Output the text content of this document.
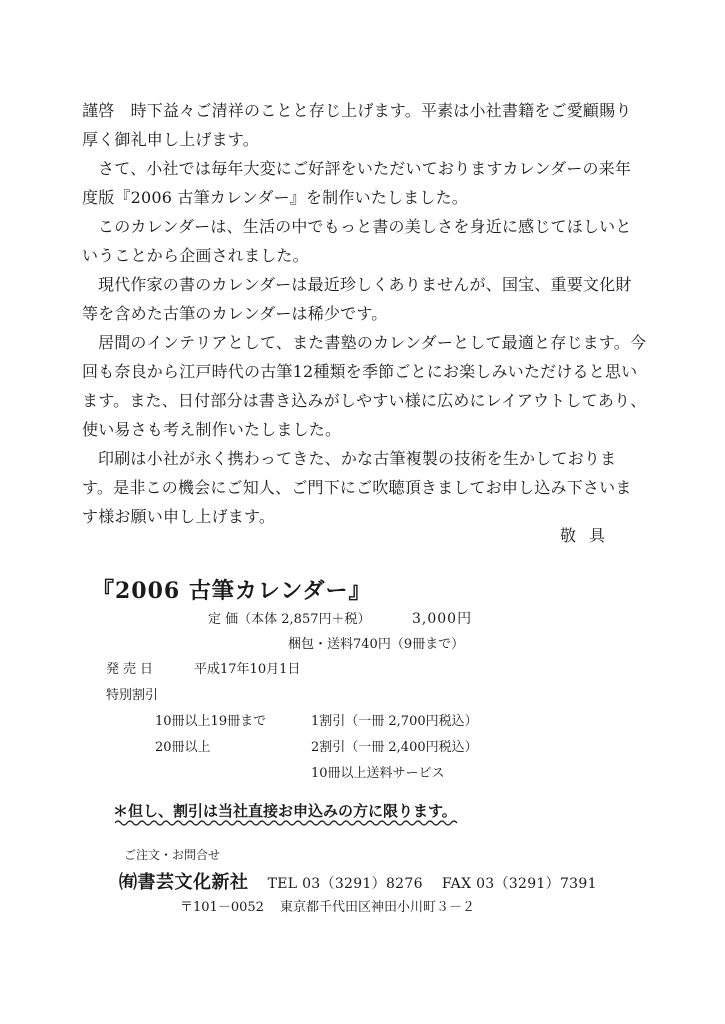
謹啓　時下益々ご清祥のことと存じ上げます。平素は小社書籍をご愛顧賜り厚く御礼申し上げます。

さて、小社では毎年大変にご好評をいただいておりますカレンダーの来年度版『2006 古筆カレンダー』を制作いたしました。

このカレンダーは、生活の中でもっと書の美しさを身近に感じてほしいということから企画されました。

現代作家の書のカレンダーは最近珍しくありませんが、国宝、重要文化財等を含めた古筆のカレンダーは稀少です。

居間のインテリアとして、また書塾のカレンダーとして最適と存じます。今回も奈良から江戸時代の古筆12種類を季節ごとにお楽しみいただけると思います。また、日付部分は書き込みがしやすい様に広めにレイアウトしてあり、使い易さも考え制作いたしました。

印刷は小社が永く携わってきた、かな古筆複製の技術を生かしております。是非この機会にご知人、ご門下にご吹聴頂きましてお申し込み下さいます様お願い申し上げます。

敬具
『2006 古筆カレンダー』
定 価（本体 2,857円＋税）	3,000円
梱包・送料740円（9冊まで）
発売日	平成17年10月1日
特別割引
10冊以上19冊まで	1割引（一冊 2,700円税込）
20冊以上	2割引（一冊 2,400円税込）
10冊以上送料サービス
＊但し、割引は当社直接お申込みの方に限ります。
ご注文・お問合せ
㈲書芸文化新社 TEL 03（3291）8276 FAX 03（3291）7391
〒101－0052 東京都千代田区神田小川町３－２
